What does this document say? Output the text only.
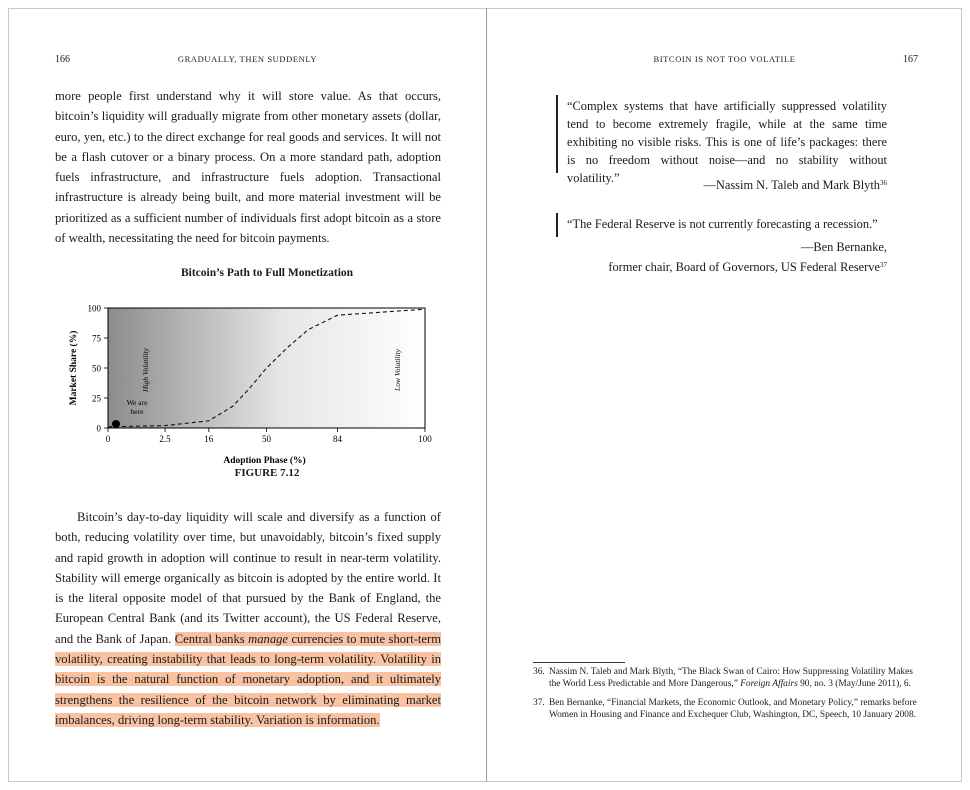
166	GRADUALLY, THEN SUDDENLY
more people first understand why it will store value. As that occurs, bitcoin’s liquidity will gradually migrate from other monetary assets (dollar, euro, yen, etc.) to the direct exchange for real goods and services. It will not be a flash cutover or a binary process. On a more standard path, adoption fuels infrastructure, and infrastructure fuels adoption. Transactional infrastructure is already being built, and more material investment will be prioritized as a sufficient number of individuals first adopt bitcoin as a store of wealth, necessitating the need for bitcoin payments.
Bitcoin’s Path to Full Monetization
0
25
50
75
100
0	2.5	16	50	84	100
Adoption Phase (%)
Market Share (%)	High Volatility	Low Volatility
We are
here
FIGURE 7.12
Bitcoin’s day-to-day liquidity will scale and diversify as a function of both, reducing volatility over time, but unavoidably, bitcoin’s fixed supply and rapid growth in adoption will continue to result in near-term volatility. Stability will emerge organically as bitcoin is adopted by the entire world. It is the literal opposite model of that pursued by the Bank of England, the European Central Bank (and its Twitter account), the US Federal Reserve, and the Bank of Japan. Central banks manage currencies to mute short-term volatility, creating instability that leads to long-term volatility. Volatility in bitcoin is the natural function of monetary adoption, and it ultimately strengthens the resilience of the bitcoin network by eliminating market imbalances, driving long-term stability. Variation is information.
BITCOIN IS NOT TOO VOLATILE	167
“Complex systems that have artificially suppressed volatility tend to become extremely fragile, while at the same time exhibiting no visible risks. This is one of life’s packages: there is no freedom without noise—and no stability without volatility.”	—Nassim N. Taleb and Mark Blyth$^{36}$
“The Federal Reserve is not currently forecasting a recession.”
—Ben Bernanke,
former chair, Board of Governors, US Federal Reserve$^{37}$
36. Nassim N. Taleb and Mark Blyth, “The Black Swan of Cairo: How Suppressing Volatility Makes the World Less Predictable and More Dangerous,” Foreign Affairs 90, no. 3 (May/June 2011), 6.
37. Ben Bernanke, “Financial Markets, the Economic Outlook, and Monetary Policy,” remarks before Women in Housing and Finance and Exchequer Club, Washington, DC, Speech, 10 January 2008.
